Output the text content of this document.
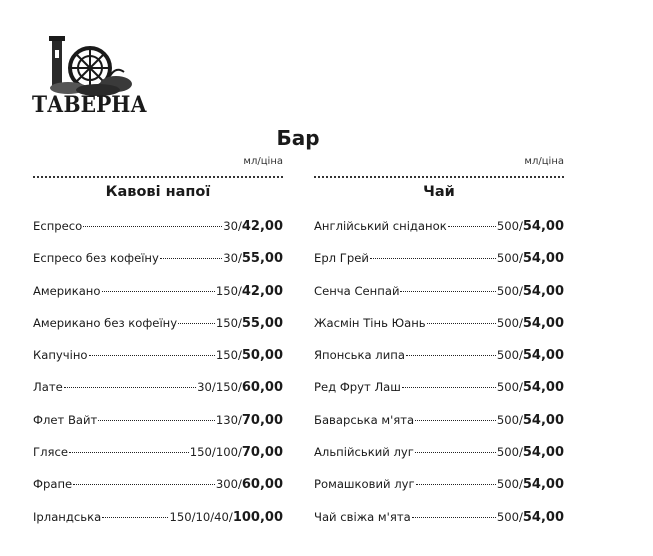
ТАВЕРНА
Бар
мл/ціна
Кавові напої
Еспресо	30 / 42,00
Еспресо без кофеїну	30 / 55,00
Американо	150 / 42,00
Американо без кофеїну	150 / 55,00
Капучіно	150 / 50,00
Лате	30/150 / 60,00
Флет Вайт	130 / 70,00
Глясе	150/100 / 70,00
Фрапе	300 / 60,00
Ірландська	150/10/40 / 100,00
мл/ціна
Чай
Англійський сніданок	500 / 54,00
Ерл Грей	500 / 54,00
Сенча Сенпай	500 / 54,00
Жасмін Тінь Юань	500 / 54,00
Японська липа	500 / 54,00
Ред Фрут Лаш	500 / 54,00
Баварська м'ята	500 / 54,00
Альпійський луг	500 / 54,00
Ромашковий луг	500 / 54,00
Чай свіжа м'ята	500 / 54,00
